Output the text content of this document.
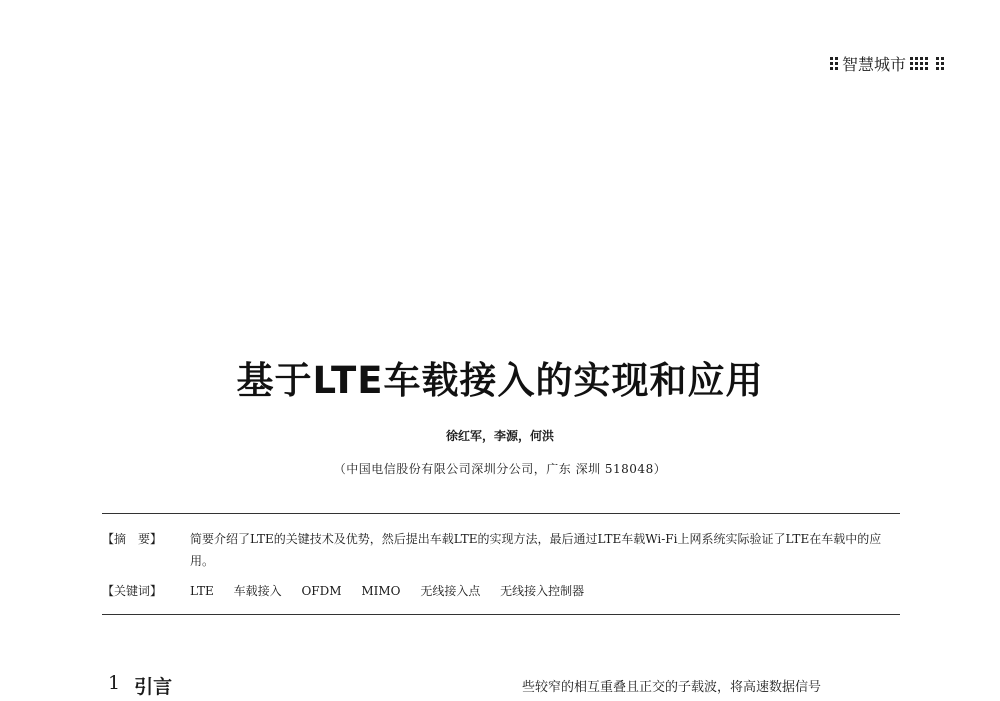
智慧城市
基于LTE车载接入的实现和应用
徐红军，李源，何洪
（中国电信股份有限公司深圳分公司，广东 深圳 518048）
【摘　要】	简要介绍了LTE的关键技术及优势，然后提出车载LTE的实现方法，最后通过LTE车载Wi-Fi上网系统实际验证了LTE在车载中的应用。
【关键词】	LTE 车载接入 OFDM MIMO 无线接入点 无线接入控制器
1 引言	些较窄的相互重叠且正交的子载波，将高速数据信号
